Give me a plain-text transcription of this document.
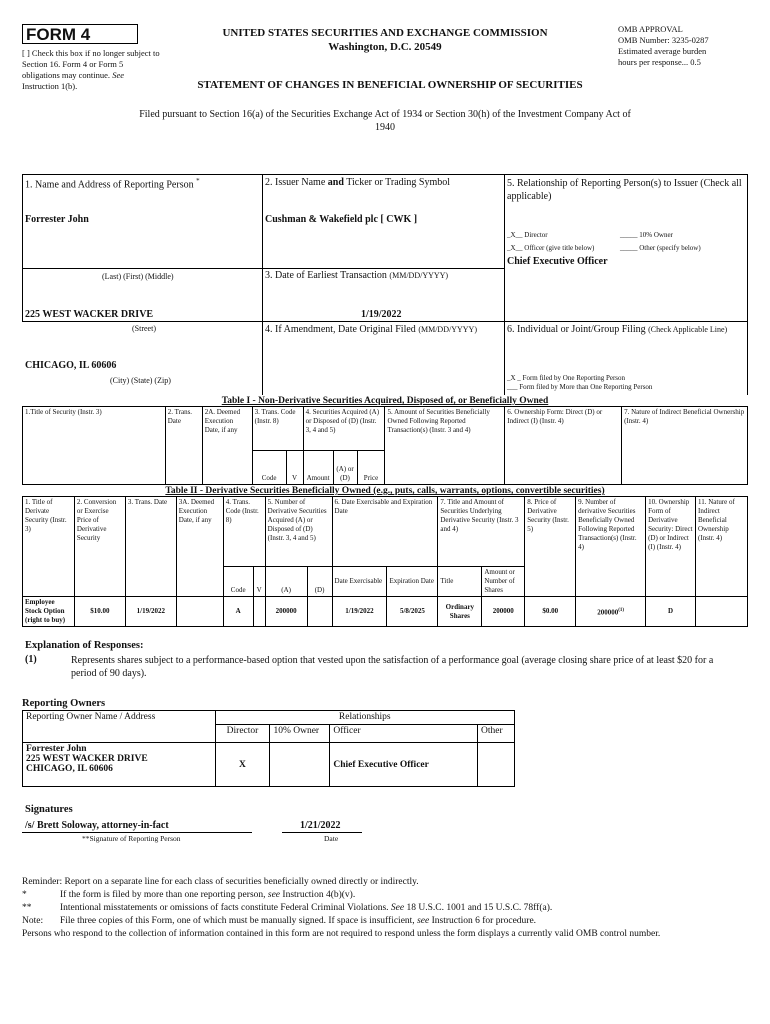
FORM 4
[ ] Check this box if no longer subject to Section 16. Form 4 or Form 5 obligations may continue. See Instruction 1(b).
UNITED STATES SECURITIES AND EXCHANGE COMMISSION
Washington, D.C. 20549
OMB APPROVAL
OMB Number: 3235-0287
Estimated average burden
hours per response... 0.5
STATEMENT OF CHANGES IN BENEFICIAL OWNERSHIP OF SECURITIES
Filed pursuant to Section 16(a) of the Securities Exchange Act of 1934 or Section 30(h) of the Investment Company Act of 1940
1. Name and Address of Reporting Person *
Forrester John
(Last) (First) (Middle)
225 WEST WACKER DRIVE
(Street)
CHICAGO, IL 60606
(City) (State) (Zip)
2. Issuer Name and Ticker or Trading Symbol
Cushman & Wakefield plc [ CWK ]
3. Date of Earliest Transaction (MM/DD/YYYY)
1/19/2022
4. If Amendment, Date Original Filed (MM/DD/YYYY)
5. Relationship of Reporting Person(s) to Issuer (Check all applicable)
_X__ Director	_____ 10% Owner
_X__ Officer (give title below)	_____ Other (specify below)
Chief Executive Officer
6. Individual or Joint/Group Filing (Check Applicable Line)
_X _ Form filed by One Reporting Person
___ Form filed by More than One Reporting Person
Table I - Non-Derivative Securities Acquired, Disposed of, or Beneficially Owned
1.Title of Security (Instr. 3)	2. Trans. Date	2A. Deemed Execution Date, if any	3. Trans. Code (Instr. 8)		4. Securities Acquired (A) or Disposed of (D) (Instr. 3, 4 and 5)			5. Amount of Securities Beneficially Owned Following Reported Transaction(s) (Instr. 3 and 4)	6. Ownership Form: Direct (D) or Indirect (I) (Instr. 4)	7. Nature of Indirect Beneficial Ownership (Instr. 4)
			Code	V	Amount	(A) or (D)	Price			
Table II - Derivative Securities Beneficially Owned (e.g., puts, calls, warrants, options, convertible securities)
1. Title of Derivate Security (Instr. 3)	2. Conversion or Exercise Price of Derivative Security	3. Trans. Date	3A. Deemed Execution Date, if any	4. Trans. Code (Instr. 8)		5. Number of Derivative Securities Acquired (A) or Disposed of (D) (Instr. 3, 4 and 5)		6. Date Exercisable and Expiration Date		7. Title and Amount of Securities Underlying Derivative Security (Instr. 3 and 4)		8. Price of Derivative Security (Instr. 5)	9. Number of derivative Securities Beneficially Owned Following Reported Transaction(s) (Instr. 4)	10. Ownership Form of Derivative Security: Direct (D) or Indirect (I) (Instr. 4)	11. Nature of Indirect Beneficial Ownership (Instr. 4)
				Code	V	(A)	(D)	Date Exercisable	Expiration Date	Title	Amount or Number of Shares				
Employee Stock Option (right to buy)	$10.00	1/19/2022		A		200000		1/19/2022	5/8/2025	Ordinary Shares	200000	$0.00	200000$^{(1)}$	D	
Explanation of Responses:
(1)	Represents shares subject to a performance-based option that vested upon the satisfaction of a performance goal (average closing share price of at least $20 for a period of 90 days).
Reporting Owners
Reporting Owner Name / Address	Relationships			
	Director	10% Owner	Officer	Other

Forrester John
225 WEST WACKER DRIVE
CHICAGO, IL 60606	X		Chief Executive Officer	
Signatures
/s/ Brett Soloway, attorney-in-fact	1/21/2022
**Signature of Reporting Person	Date
Reminder: Report on a separate line for each class of securities beneficially owned directly or indirectly.
*	If the form is filed by more than one reporting person, see Instruction 4(b)(v).
**	Intentional misstatements or omissions of facts constitute Federal Criminal Violations. See 18 U.S.C. 1001 and 15 U.S.C. 78ff(a).
Note:	File three copies of this Form, one of which must be manually signed. If space is insufficient, see Instruction 6 for procedure.
Persons who respond to the collection of information contained in this form are not required to respond unless the form displays a currently valid OMB control number.
